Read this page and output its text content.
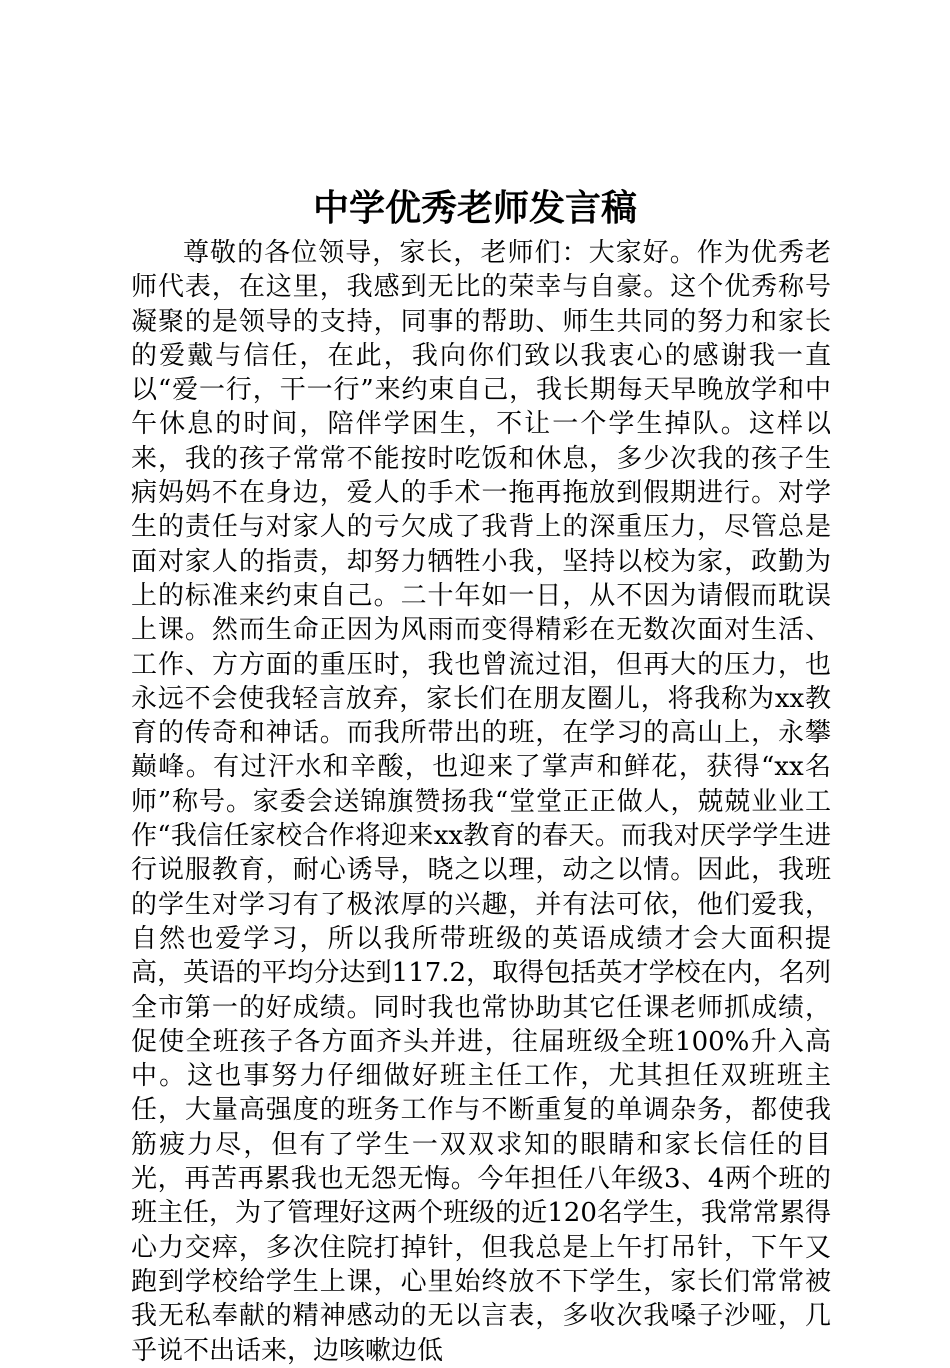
中学优秀老师发言稿

尊敬的各位领导，家长，老师们：大家好。作为优秀老师代表，在这里，我感到无比的荣幸与自豪。这个优秀称号凝聚的是领导的支持，同事的帮助、师生共同的努力和家长的爱戴与信任，在此，我向你们致以我衷心的感谢我一直以“爱一行，干一行”来约束自己，我长期每天早晚放学和中午休息的时间，陪伴学困生，不让一个学生掉队。这样以来，我的孩子常常不能按时吃饭和休息，多少次我的孩子生病妈妈不在身边，爱人的手术一拖再拖放到假期进行。对学生的责任与对家人的亏欠成了我背上的深重压力，尽管总是面对家人的指责，却努力牺牲小我，坚持以校为家，政勤为上的标准来约束自己。二十年如一日，从不因为请假而耽误上课。然而生命正因为风雨而变得精彩在无数次面对生活、工作、方方面的重压时，我也曾流过泪，但再大的压力，也永远不会使我轻言放弃，家长们在朋友圈儿，将我称为xx教育的传奇和神话。而我所带出的班，在学习的高山上，永攀巅峰。有过汗水和辛酸，也迎来了掌声和鲜花，获得“xx名师”称号。家委会送锦旗赞扬我“堂堂正正做人，兢兢业业工作“我信任家校合作将迎来xx教育的春天。而我对厌学学生进行说服教育，耐心诱导，晓之以理，动之以情。因此，我班的学生对学习有了极浓厚的兴趣，并有法可依，他们爱我，自然也爱学习，所以我所带班级的英语成绩才会大面积提高，英语的平均分达到117.2，取得包括英才学校在内，名列全市第一的好成绩。同时我也常协助其它任课老师抓成绩，促使全班孩子各方面齐头并进，往届班级全班100%升入高中。这也事努力仔细做好班主任工作，尤其担任双班班主任，大量高强度的班务工作与不断重复的单调杂务，都使我筋疲力尽，但有了学生一双双求知的眼睛和家长信任的目光，再苦再累我也无怨无悔。今年担任八年级3、4两个班的班主任，为了管理好这两个班级的近120名学生，我常常累得心力交瘁，多次住院打掉针，但我总是上午打吊针，下午又跑到学校给学生上课，心里始终放不下学生，家长们常常被我无私奉献的精神感动的无以言表，多收次我嗓子沙哑，几乎说不出话来，边咳嗽边低
